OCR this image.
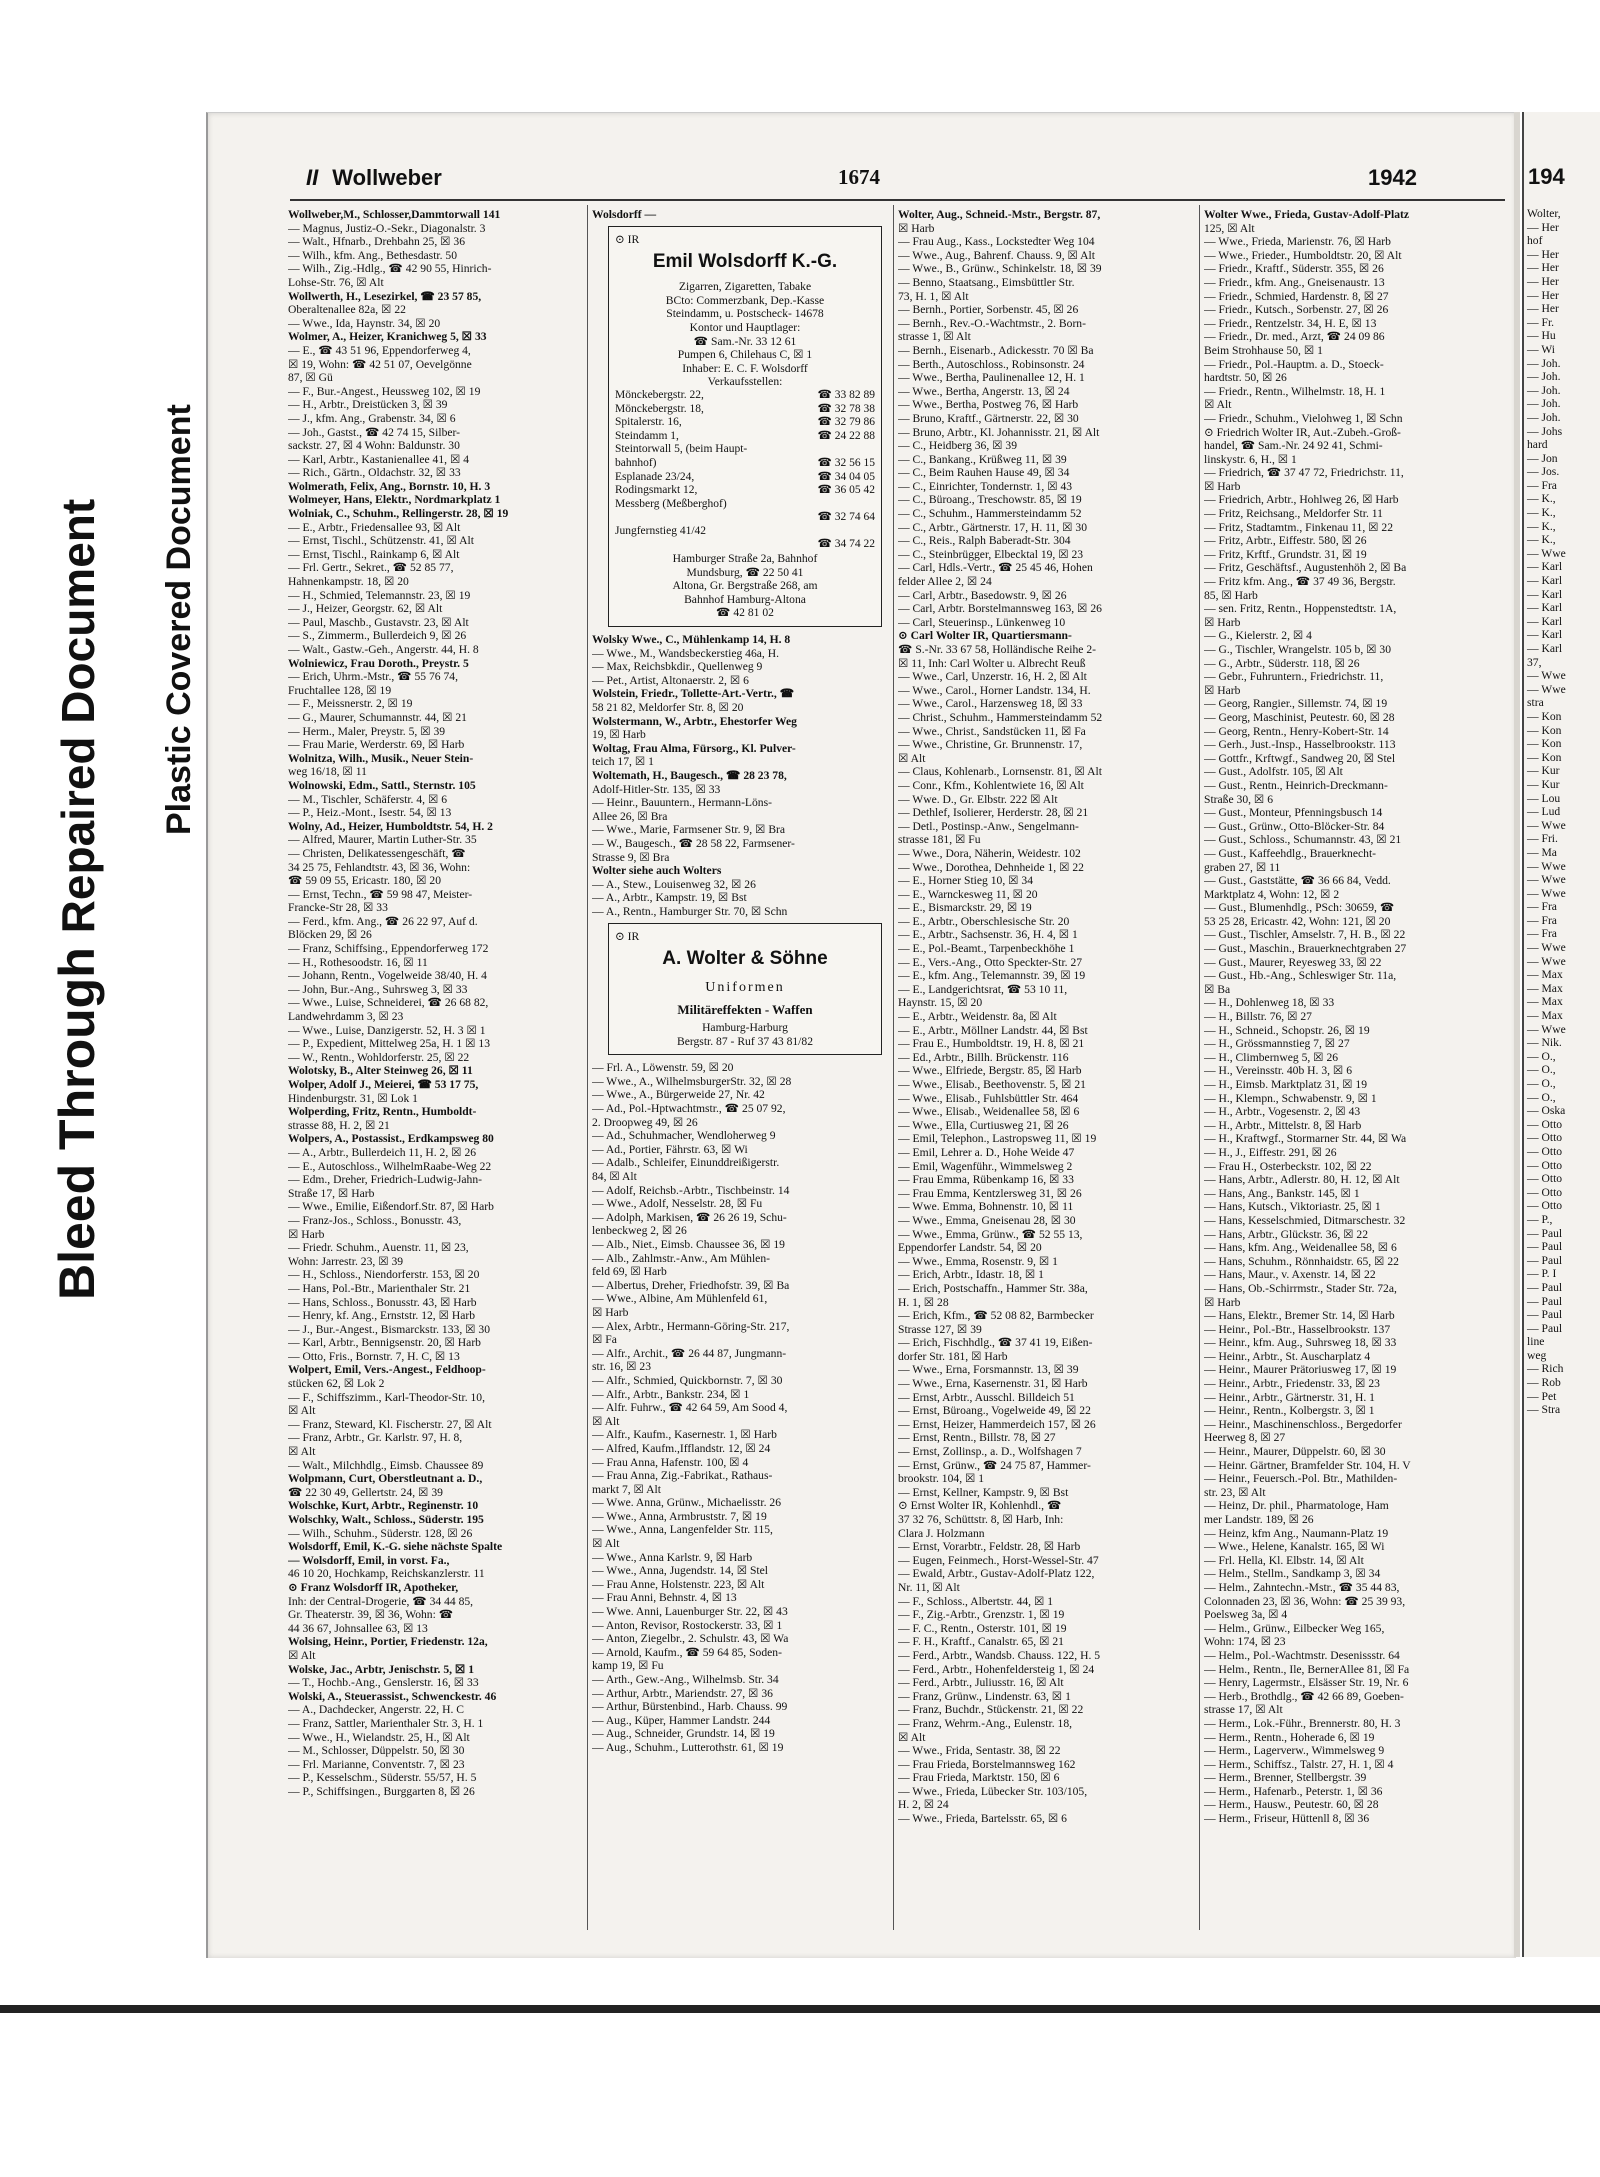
Bleed Through Repaired Document Plastic Covered Document
II Wollweber	1674	1942
Wollweber,M., Schlosser,Dammtorwall 141
— Magnus, Justiz-O.-Sekr., Diagonalstr. 3
— Walt., Hfnarb., Drehbahn 25, ☒ 36
— Wilh., kfm. Ang., Bethesdastr. 50
— Wilh., Zig.-Hdlg., ☎ 42 90 55, Hinrich-
Lohse-Str. 76, ☒ Alt
Wollwerth, H., Lesezirkel, ☎ 23 57 85,
Oberaltenallee 82a, ☒ 22
— Wwe., Ida, Haynstr. 34, ☒ 20
Wolmer, A., Heizer, Kranichweg 5, ☒ 33
— E., ☎ 43 51 96, Eppendorferweg 4,
☒ 19, Wohn: ☎ 42 51 07, Oevelgönne
87, ☒ Gü
— F., Bur.-Angest., Heussweg 102, ☒ 19
— H., Arbtr., Dreistücken 3, ☒ 39
— J., kfm. Ang., Grabenstr. 34, ☒ 6
— Joh., Gastst., ☎ 42 74 15, Silber-
sackstr. 27, ☒ 4 Wohn: Baldunstr. 30
— Karl, Arbtr., Kastanienallee 41, ☒ 4
— Rich., Gärtn., Oldachstr. 32, ☒ 33
Wolmerath, Felix, Ang., Bornstr. 10, H. 3
Wolmeyer, Hans, Elektr., Nordmarkplatz 1
Wolniak, C., Schuhm., Rellingerstr. 28, ☒ 19
— E., Arbtr., Friedensallee 93, ☒ Alt
— Ernst, Tischl., Schützenstr. 41, ☒ Alt
— Ernst, Tischl., Rainkamp 6, ☒ Alt
— Frl. Gertr., Sekret., ☎ 52 85 77,
Hahnenkampstr. 18, ☒ 20
— H., Schmied, Telemannstr. 23, ☒ 19
— J., Heizer, Georgstr. 62, ☒ Alt
— Paul, Maschb., Gustavstr. 23, ☒ Alt
— S., Zimmerm., Bullerdeich 9, ☒ 26
— Walt., Gastw.-Geh., Angerstr. 44, H. 8
Wolniewicz, Frau Doroth., Preystr. 5
— Erich, Uhrm.-Mstr., ☎ 55 76 74,
Fruchtallee 128, ☒ 19
— F., Meissnerstr. 2, ☒ 19
— G., Maurer, Schumannstr. 44, ☒ 21
— Herm., Maler, Preystr. 5, ☒ 39
— Frau Marie, Werderstr. 69, ☒ Harb
Wolnitza, Wilh., Musik., Neuer Stein-
weg 16/18, ☒ 11
Wolnowski, Edm., Sattl., Sternstr. 105
— M., Tischler, Schäferstr. 4, ☒ 6
— P., Heiz.-Mont., Isestr. 54, ☒ 13
Wolny, Ad., Heizer, Humboldtstr. 54, H. 2
— Alfred, Maurer, Martin Luther-Str. 35
— Christen, Delikatessengeschäft, ☎
34 25 75, Fehlandtstr. 43, ☒ 36, Wohn:
☎ 59 09 55, Ericastr. 180, ☒ 20
— Ernst, Techn., ☎ 59 98 47, Meister-
Francke-Str 28, ☒ 33
— Ferd., kfm. Ang., ☎ 26 22 97, Auf d.
Blöcken 29, ☒ 26
— Franz, Schiffsing., Eppendorferweg 172
— H., Rothesoodstr. 16, ☒ 11
— Johann, Rentn., Vogelweide 38/40, H. 4
— John, Bur.-Ang., Suhrsweg 3, ☒ 33
— Wwe., Luise, Schneiderei, ☎ 26 68 82,
Landwehrdamm 3, ☒ 23
— Wwe., Luise, Danzigerstr. 52, H. 3 ☒ 1
— P., Expedient, Mittelweg 25a, H. 1 ☒ 13
— W., Rentn., Wohldorferstr. 25, ☒ 22
Wolotsky, B., Alter Steinweg 26, ☒ 11
Wolper, Adolf J., Meierei, ☎ 53 17 75,
Hindenburgstr. 31, ☒ Lok 1
Wolperding, Fritz, Rentn., Humboldt-
strasse 88, H. 2, ☒ 21
Wolpers, A., Postassist., Erdkampsweg 80
— A., Arbtr., Bullerdeich 11, H. 2, ☒ 26
— E., Autoschloss., WilhelmRaabe-Weg 22
— Edm., Dreher, Friedrich-Ludwig-Jahn-
Straße 17, ☒ Harb
— Wwe., Emilie, Eißendorf.Str. 87, ☒ Harb
— Franz-Jos., Schloss., Bonusstr. 43,
☒ Harb
— Friedr. Schuhm., Auenstr. 11, ☒ 23,
Wohn: Jarrestr. 23, ☒ 39
— H., Schloss., Niendorferstr. 153, ☒ 20
— Hans, Pol.-Btr., Marienthaler Str. 21
— Hans, Schloss., Bonusstr. 43, ☒ Harb
— Henry, kf. Ang., Ernststr. 12, ☒ Harb
— J., Bur.-Angest., Bismarckstr. 133, ☒ 30
— Karl, Arbtr., Bennigsenstr. 20, ☒ Harb
— Otto, Fris., Bornstr. 7, H. C, ☒ 13
Wolpert, Emil, Vers.-Angest., Feldhoop-
stücken 62, ☒ Lok 2
— F., Schiffszimm., Karl-Theodor-Str. 10,
☒ Alt
— Franz, Steward, Kl. Fischerstr. 27, ☒ Alt
— Franz, Arbtr., Gr. Karlstr. 97, H. 8,
☒ Alt
— Walt., Milchhdlg., Eimsb. Chaussee 89
Wolpmann, Curt, Oberstleutnant a. D.,
☎ 22 30 49, Gellertstr. 24, ☒ 39
Wolschke, Kurt, Arbtr., Reginenstr. 10
Wolschky, Walt., Schloss., Süderstr. 195
— Wilh., Schuhm., Süderstr. 128, ☒ 26
Wolsdorff, Emil, K.-G. siehe nächste Spalte
— Wolsdorff, Emil, in vorst. Fa.,
46 10 20, Hochkamp, Reichskanzlerstr. 11
⊙ Franz Wolsdorff IR, Apotheker,
Inh: der Central-Drogerie, ☎ 34 44 85,
Gr. Theaterstr. 39, ☒ 36, Wohn: ☎
44 36 67, Johnsallee 63, ☒ 13
Wolsing, Heinr., Portier, Friedenstr. 12a,
☒ Alt
Wolske, Jac., Arbtr, Jenischstr. 5, ☒ 1
— T., Hochb.-Ang., Genslerstr. 16, ☒ 33
Wolski, A., Steuerassist., Schwenckestr. 46
— A., Dachdecker, Angerstr. 22, H. C
— Franz, Sattler, Marienthaler Str. 3, H. 1
— Wwe., H., Wielandstr. 25, H., ☒ Alt
— M., Schlosser, Düppelstr. 50, ☒ 30
— Frl. Marianne, Conventstr. 7, ☒ 23
— P., Kesselschm., Süderstr. 55/57, H. 5
— P., Schiffsingen., Burggarten 8, ☒ 26
Wolsdorff —
⊙ IR
Emil Wolsdorff K.-G.
Zigarren, Zigaretten, Tabake
BCto: Commerzbank, Dep.-Kasse
Steindamm, u. Postscheck- 14678
Kontor und Hauptlager:
☎ Sam.-Nr. 33 12 61
Pumpen 6, Chilehaus C, ☒ 1
Inhaber: E. C. F. Wolsdorff
Verkaufsstellen:
Mönckebergstr. 22,	☎ 33 82 89
Mönckebergstr. 18,	☎ 32 78 38
Spitalerstr. 16,	☎ 32 79 86
Steindamm 1,	☎ 24 22 88
Steintorwall 5, (beim Haupt-
bahnhof)	☎ 32 56 15
Esplanade 23/24,	☎ 34 04 05
Rodingsmarkt 12,	☎ 36 05 42
Messberg (Meßberghof)
☎ 32 74 64
Jungfernstieg 41/42
☎ 34 74 22
Hamburger Straße 2a, Bahnhof
Mundsburg, ☎ 22 50 41
Altona, Gr. Bergstraße 268, am
Bahnhof Hamburg-Altona
☎ 42 81 02
Wolsky Wwe., C., Mühlenkamp 14, H. 8
— Wwe., M., Wandsbeckerstieg 46a, H.
— Max, Reichsbkdir., Quellenweg 9
— Pet., Artist, Altonaerstr. 2, ☒ 6
Wolstein, Friedr., Tollette-Art.-Vertr., ☎
58 21 82, Meldorfer Str. 8, ☒ 20
Wolstermann, W., Arbtr., Ehestorfer Weg
19, ☒ Harb
Woltag, Frau Alma, Fürsorg., Kl. Pulver-
teich 17, ☒ 1
Woltemath, H., Baugesch., ☎ 28 23 78,
Adolf-Hitler-Str. 135, ☒ 33
— Heinr., Bauuntern., Hermann-Löns-
Allee 26, ☒ Bra
— Wwe., Marie, Farmsener Str. 9, ☒ Bra
— W., Baugesch., ☎ 28 58 22, Farmsener-
Strasse 9, ☒ Bra
Wolter siehe auch Wolters
— A., Stew., Louisenweg 32, ☒ 26
— A., Arbtr., Kampstr. 19, ☒ Bst
— A., Rentn., Hamburger Str. 70, ☒ Schn
⊙ IR
A. Wolter & Söhne
Uniformen
Militäreffekten - Waffen
Hamburg-Harburg
Bergstr. 87 - Ruf 37 43 81/82
— Frl. A., Löwenstr. 59, ☒ 20
— Wwe., A., WilhelmsburgerStr. 32, ☒ 28
— Wwe., A., Bürgerweide 27, Nr. 42
— Ad., Pol.-Hptwachtmstr., ☎ 25 07 92,
2. Droopweg 49, ☒ 26
— Ad., Schuhmacher, Wendloherweg 9
— Ad., Portier, Fährstr. 63, ☒ Wi
— Adalb., Schleifer, Einunddreißigerstr.
84, ☒ Alt
— Adolf, Reichsb.-Arbtr., Tischbeinstr. 14
— Wwe., Adolf, Nesselstr. 28, ☒ Fu
— Adolph, Markisen, ☎ 26 26 19, Schu-
lenbeckweg 2, ☒ 26
— Alb., Niet., Eimsb. Chaussee 36, ☒ 19
— Alb., Zahlmstr.-Anw., Am Mühlen-
feld 69, ☒ Harb
— Albertus, Dreher, Friedhofstr. 39, ☒ Ba
— Wwe., Albine, Am Mühlenfeld 61,
☒ Harb
— Alex, Arbtr., Hermann-Göring-Str. 217,
☒ Fa
— Alfr., Archit., ☎ 26 44 87, Jungmann-
str. 16, ☒ 23
— Alfr., Schmied, Quickbornstr. 7, ☒ 30
— Alfr., Arbtr., Bankstr. 234, ☒ 1
— Alfr. Fuhrw., ☎ 42 64 59, Am Sood 4,
☒ Alt
— Alfr., Kaufm., Kasernestr. 1, ☒ Harb
— Alfred, Kaufm.,Ifflandstr. 12, ☒ 24
— Frau Anna, Hafenstr. 100, ☒ 4
— Frau Anna, Zig.-Fabrikat., Rathaus-
markt 7, ☒ Alt
— Wwe. Anna, Grünw., Michaelisstr. 26
— Wwe., Anna, Armbruststr. 7, ☒ 19
— Wwe., Anna, Langenfelder Str. 115,
☒ Alt
— Wwe., Anna Karlstr. 9, ☒ Harb
— Wwe., Anna, Jugendstr. 14, ☒ Stel
— Frau Anne, Holstenstr. 223, ☒ Alt
— Frau Anni, Behnstr. 4, ☒ 13
— Wwe. Anni, Lauenburger Str. 22, ☒ 43
— Anton, Revisor, Rostockerstr. 33, ☒ 1
— Anton, Ziegelbr., 2. Schulstr. 43, ☒ Wa
— Arnold, Kaufm., ☎ 59 64 85, Soden-
kamp 19, ☒ Fu
— Arth., Gew.-Ang., Wilhelmsb. Str. 34
— Arthur, Arbtr., Mariendstr. 27, ☒ 36
— Arthur, Bürstenbind., Harb. Chauss. 99
— Aug., Küper, Hammer Landstr. 244
— Aug., Schneider, Grundstr. 14, ☒ 19
— Aug., Schuhm., Lutterothstr. 61, ☒ 19
Wolter, Aug., Schneid.-Mstr., Bergstr. 87,
☒ Harb
— Frau Aug., Kass., Lockstedter Weg 104
— Wwe., Aug., Bahrenf. Chauss. 9, ☒ Alt
— Wwe., B., Grünw., Schinkelstr. 18, ☒ 39
— Benno, Staatsang., Eimsbüttler Str.
73, H. 1, ☒ Alt
— Bernh., Portier, Sorbenstr. 45, ☒ 26
— Bernh., Rev.-O.-Wachtmstr., 2. Born-
strasse 1, ☒ Alt
— Bernh., Eisenarb., Adickesstr. 70 ☒ Ba
— Berth., Autoschloss., Robinsonstr. 24
— Wwe., Bertha, Paulinenallee 12, H. 1
— Wwe., Bertha, Angerstr. 13, ☒ 24
— Wwe., Bertha, Postweg 76, ☒ Harb
— Bruno, Kraftf., Gärtnerstr. 22, ☒ 30
— Bruno, Arbtr., Kl. Johannisstr. 21, ☒ Alt
— C., Heidberg 36, ☒ 39
— C., Bankang., Krüßweg 11, ☒ 39
— C., Beim Rauhen Hause 49, ☒ 34
— C., Einrichter, Tondernstr. 1, ☒ 43
— C., Büroang., Treschowstr. 85, ☒ 19
— C., Schuhm., Hammersteindamm 52
— C., Arbtr., Gärtnerstr. 17, H. 11, ☒ 30
— C., Reis., Ralph Baberadt-Str. 304
— C., Steinbrügger, Elbecktal 19, ☒ 23
— Carl, Hdls.-Vertr., ☎ 25 45 46, Hohen
felder Allee 2, ☒ 24
— Carl, Arbtr., Basedowstr. 9, ☒ 26
— Carl, Arbtr. Borstelmannsweg 163, ☒ 26
— Carl, Steuerinsp., Lünkenweg 10
⊙ Carl Wolter IR, Quartiersmann-
☎ S.-Nr. 33 67 58, Holländische Reihe 2-
☒ 11, Inh: Carl Wolter u. Albrecht Reuß
— Wwe., Carl, Unzerstr. 16, H. 2, ☒ Alt
— Wwe., Carol., Horner Landstr. 134, H.
— Wwe., Carol., Harzensweg 18, ☒ 33
— Christ., Schuhm., Hammersteindamm 52
— Wwe., Christ., Sandstücken 11, ☒ Fa
— Wwe., Christine, Gr. Brunnenstr. 17,
☒ Alt
— Claus, Kohlenarb., Lornsenstr. 81, ☒ Alt
— Conr., Kfm., Kohlentwiete 16, ☒ Alt
— Wwe. D., Gr. Elbstr. 222 ☒ Alt
— Dethlef, Isolierer, Herderstr. 28, ☒ 21
— Detl., Postinsp.-Anw., Sengelmann-
strasse 181, ☒ Fu
— Wwe., Dora, Näherin, Weidestr. 102
— Wwe., Dorothea, Dehnheide 1, ☒ 22
— E., Horner Stieg 10, ☒ 34
— E., Warnckesweg 11, ☒ 20
— E., Bismarckstr. 29, ☒ 19
— E., Arbtr., Oberschlesische Str. 20
— E., Arbtr., Sachsenstr. 36, H. 4, ☒ 1
— E., Pol.-Beamt., Tarpenbeckhöhe 1
— E., Vers.-Ang., Otto Speckter-Str. 27
— E., kfm. Ang., Telemannstr. 39, ☒ 19
— E., Landgerichtsrat, ☎ 53 10 11,
Haynstr. 15, ☒ 20
— E., Arbtr., Weidenstr. 8a, ☒ Alt
— E., Arbtr., Möllner Landstr. 44, ☒ Bst
— Frau E., Humboldtstr. 19, H. 8, ☒ 21
— Ed., Arbtr., Billh. Brückenstr. 116
— Wwe., Elfriede, Bergstr. 85, ☒ Harb
— Wwe., Elisab., Beethovenstr. 5, ☒ 21
— Wwe., Elisab., Fuhlsbüttler Str. 464
— Wwe., Elisab., Weidenallee 58, ☒ 6
— Wwe., Ella, Curtiusweg 21, ☒ 26
— Emil, Telephon., Lastropsweg 11, ☒ 19
— Emil, Lehrer a. D., Hohe Weide 47
— Emil, Wagenführ., Wimmelsweg 2
— Frau Emma, Rübenkamp 16, ☒ 33
— Frau Emma, Kentzlersweg 31, ☒ 26
— Wwe. Emma, Bohnenstr. 10, ☒ 11
— Wwe., Emma, Gneisenau 28, ☒ 30
— Wwe., Emma, Grünw., ☎ 52 55 13,
Eppendorfer Landstr. 54, ☒ 20
— Wwe., Emma, Rosenstr. 9, ☒ 1
— Erich, Arbtr., Idastr. 18, ☒ 1
— Erich, Postschaffn., Hammer Str. 38a,
H. 1, ☒ 28
— Erich, Kfm., ☎ 52 08 82, Barmbecker
Strasse 127, ☒ 39
— Erich, Fischhdlg., ☎ 37 41 19, Eißen-
dorfer Str. 181, ☒ Harb
— Wwe., Erna, Forsmannstr. 13, ☒ 39
— Wwe., Erna, Kasernenstr. 31, ☒ Harb
— Ernst, Arbtr., Ausschl. Billdeich 51
— Ernst, Büroang., Vogelweide 49, ☒ 22
— Ernst, Heizer, Hammerdeich 157, ☒ 26
— Ernst, Rentn., Billstr. 78, ☒ 27
— Ernst, Zollinsp., a. D., Wolfshagen 7
— Ernst, Grünw., ☎ 24 75 87, Hammer-
brookstr. 104, ☒ 1
— Ernst, Kellner, Kampstr. 9, ☒ Bst
⊙ Ernst Wolter IR, Kohlenhdl., ☎
37 32 76, Schüttstr. 8, ☒ Harb, Inh:
Clara J. Holzmann
— Ernst, Vorarbtr., Feldstr. 28, ☒ Harb
— Eugen, Feinmech., Horst-Wessel-Str. 47
— Ewald, Arbtr., Gustav-Adolf-Platz 122,
Nr. 11, ☒ Alt
— F., Schloss., Albertstr. 44, ☒ 1
— F., Zig.-Arbtr., Grenzstr. 1, ☒ 19
— F. C., Rentn., Osterstr. 101, ☒ 19
— F. H., Kraftf., Canalstr. 65, ☒ 21
— Ferd., Arbtr., Wandsb. Chauss. 122, H. 5
— Ferd., Arbtr., Hohenfeldersteig 1, ☒ 24
— Ferd., Arbtr., Juliusstr. 16, ☒ Alt
— Franz, Grünw., Lindenstr. 63, ☒ 1
— Franz, Buchdr., Stückenstr. 21, ☒ 22
— Franz, Wehrm.-Ang., Eulenstr. 18,
☒ Alt
— Wwe., Frida, Sentastr. 38, ☒ 22
— Frau Frieda, Borstelmannsweg 162
— Frau Frieda, Marktstr. 150, ☒ 6
— Wwe., Frieda, Lübecker Str. 103/105,
H. 2, ☒ 24
— Wwe., Frieda, Bartelsstr. 65, ☒ 6
Wolter Wwe., Frieda, Gustav-Adolf-Platz
125, ☒ Alt
— Wwe., Frieda, Marienstr. 76, ☒ Harb
— Wwe., Frieder., Humboldtstr. 20, ☒ Alt
— Friedr., Kraftf., Süderstr. 355, ☒ 26
— Friedr., kfm. Ang., Gneisenaustr. 13
— Friedr., Schmied, Hardenstr. 8, ☒ 27
— Friedr., Kutsch., Sorbenstr. 27, ☒ 26
— Friedr., Rentzelstr. 34, H. E, ☒ 13
— Friedr., Dr. med., Arzt, ☎ 24 09 86
Beim Strohhause 50, ☒ 1
— Friedr., Pol.-Hauptm. a. D., Stoeck-
hardtstr. 50, ☒ 26
— Friedr., Rentn., Wilhelmstr. 18, H. 1
☒ Alt
— Friedr., Schuhm., Vielohweg 1, ☒ Schn
⊙ Friedrich Wolter IR, Aut.-Zubeh.-Groß-
handel, ☎ Sam.-Nr. 24 92 41, Schmi-
linskystr. 6, H., ☒ 1
— Friedrich, ☎ 37 47 72, Friedrichstr. 11,
☒ Harb
— Friedrich, Arbtr., Hohlweg 26, ☒ Harb
— Fritz, Reichsang., Meldorfer Str. 11
— Fritz, Stadtamtm., Finkenau 11, ☒ 22
— Fritz, Arbtr., Eiffestr. 580, ☒ 26
— Fritz, Krftf., Grundstr. 31, ☒ 19
— Fritz, Geschäftsf., Augustenhöh 2, ☒ Ba
— Fritz kfm. Ang., ☎ 37 49 36, Bergstr.
85, ☒ Harb
— sen. Fritz, Rentn., Hoppenstedtstr. 1A,
☒ Harb
— G., Kielerstr. 2, ☒ 4
— G., Tischler, Wrangelstr. 105 b, ☒ 30
— G., Arbtr., Süderstr. 118, ☒ 26
— Gebr., Fuhruntern., Friedrichstr. 11,
☒ Harb
— Georg, Rangier., Sillemstr. 74, ☒ 19
— Georg, Maschinist, Peutestr. 60, ☒ 28
— Georg, Rentn., Henry-Kobert-Str. 14
— Gerh., Just.-Insp., Hasselbrookstr. 113
— Gottfr., Krftwgf., Sandweg 20, ☒ Stel
— Gust., Adolfstr. 105, ☒ Alt
— Gust., Rentn., Heinrich-Dreckmann-
Straße 30, ☒ 6
— Gust., Monteur, Pfenningsbusch 14
— Gust., Grünw., Otto-Blöcker-Str. 84
— Gust., Schloss., Schumannstr. 43, ☒ 21
— Gust., Kaffeehdlg., Brauerknecht-
graben 27, ☒ 11
— Gust., Gaststätte, ☎ 36 66 84, Vedd.
Marktplatz 4, Wohn: 12, ☒ 2
— Gust., Blumenhdlg., PSch: 30659, ☎
53 25 28, Ericastr. 42, Wohn: 121, ☒ 20
— Gust., Tischler, Amselstr. 7, H. B., ☒ 22
— Gust., Maschin., Brauerknechtgraben 27
— Gust., Maurer, Reyesweg 33, ☒ 22
— Gust., Hb.-Ang., Schleswiger Str. 11a,
☒ Ba
— H., Dohlenweg 18, ☒ 33
— H., Billstr. 76, ☒ 27
— H., Schneid., Schopstr. 26, ☒ 19
— H., Grössmannstieg 7, ☒ 27
— H., Climbernweg 5, ☒ 26
— H., Vereinsstr. 40b H. 3, ☒ 6
— H., Eimsb. Marktplatz 31, ☒ 19
— H., Klempn., Schwabenstr. 9, ☒ 1
— H., Arbtr., Vogesenstr. 2, ☒ 43
— H., Arbtr., Mittelstr. 8, ☒ Harb
— H., Kraftwgf., Stormarner Str. 44, ☒ Wa
— H., J., Eiffestr. 291, ☒ 26
— Frau H., Osterbeckstr. 102, ☒ 22
— Hans, Arbtr., Adlerstr. 80, H. 12, ☒ Alt
— Hans, Ang., Bankstr. 145, ☒ 1
— Hans, Kutsch., Viktoriastr. 25, ☒ 1
— Hans, Kesselschmied, Ditmarschestr. 32
— Hans, Arbtr., Glückstr. 36, ☒ 22
— Hans, kfm. Ang., Weidenallee 58, ☒ 6
— Hans, Schuhm., Rönnhaidstr. 65, ☒ 22
— Hans, Maur., v. Axenstr. 14, ☒ 22
— Hans, Ob.-Schirrmstr., Stader Str. 72a,
☒ Harb
— Hans, Elektr., Bremer Str. 14, ☒ Harb
— Heinr., Pol.-Btr., Hasselbrookstr. 137
— Heinr., kfm. Aug., Suhrsweg 18, ☒ 33
— Heinr., Arbtr., St. Auscharplatz 4
— Heinr., Maurer Prätoriusweg 17, ☒ 19
— Heinr., Arbtr., Friedenstr. 33, ☒ 23
— Heinr., Arbtr., Gärtnerstr. 31, H. 1
— Heinr., Rentn., Kolbergstr. 3, ☒ 1
— Heinr., Maschinenschloss., Bergedorfer
Heerweg 8, ☒ 27
— Heinr., Maurer, Düppelstr. 60, ☒ 30
— Heinr. Gärtner, Bramfelder Str. 104, H. V
— Heinr., Feuersch.-Pol. Btr., Mathilden-
str. 23, ☒ Alt
— Heinz, Dr. phil., Pharmatologe, Ham
mer Landstr. 189, ☒ 26
— Heinz, kfm Ang., Naumann-Platz 19
— Wwe., Helene, Kanalstr. 165, ☒ Wi
— Frl. Hella, Kl. Elbstr. 14, ☒ Alt
— Helm., Stellm., Sandkamp 3, ☒ 34
— Helm., Zahntechn.-Mstr., ☎ 35 44 83,
Colonnaden 23, ☒ 36, Wohn: ☎ 25 39 93,
Poelsweg 3a, ☒ 4
— Helm., Grünw., Eilbecker Weg 165,
Wohn: 174, ☒ 23
— Helm., Pol.-Wachtmstr. Desenissstr. 64
— Helm., Rentn., Ile, BernerAllee 81, ☒ Fa
— Henry, Lagermstr., Elsässer Str. 19, Nr. 6
— Herb., Brothdlg., ☎ 42 66 89, Goeben-
strasse 17, ☒ Alt
— Herm., Lok.-Führ., Brennerstr. 80, H. 3
— Herm., Rentn., Hoherade 6, ☒ 19
— Herm., Lagerverw., Wimmelsweg 9
— Herm., Schiffsz., Talstr. 27, H. 1, ☒ 4
— Herm., Brenner, Stellbergstr. 39
— Herm., Hafenarb., Peterstr. 1, ☒ 36
— Herm., Hausw., Peutestr. 60, ☒ 28
— Herm., Friseur, Hüttenll 8, ☒ 36
194
Wolter,
— Her
hof
— Her
— Her
— Her
— Her
— Her
— Fr.
— Hu
— Wi
— Joh.
— Joh.
— Joh.
— Joh.
— Joh.
— Johs
hard
— Jon
— Jos.
— Fra
— K.,
— K.,
— K.,
— K.,
— Wwe
— Karl
— Karl
— Karl
— Karl
— Karl
— Karl
— Karl
37,
— Wwe
— Wwe
stra
— Kon
— Kon
— Kon
— Kon
— Kur
— Kur
— Lou
— Lud
— Wwe
— Fri.
— Ma
— Wwe
— Wwe
— Wwe
— Fra
— Fra
— Fra
— Wwe
— Wwe
— Max
— Max
— Max
— Max
— Wwe
— Nik.
— O.,
— O.,
— O.,
— O.,
— Oska
— Otto
— Otto
— Otto
— Otto
— Otto
— Otto
— Otto
— P.,
— Paul
— Paul
— Paul
— P. I
— Paul
— Paul
— Paul
— Paul
line
weg
— Rich
— Rob
— Pet
— Stra
